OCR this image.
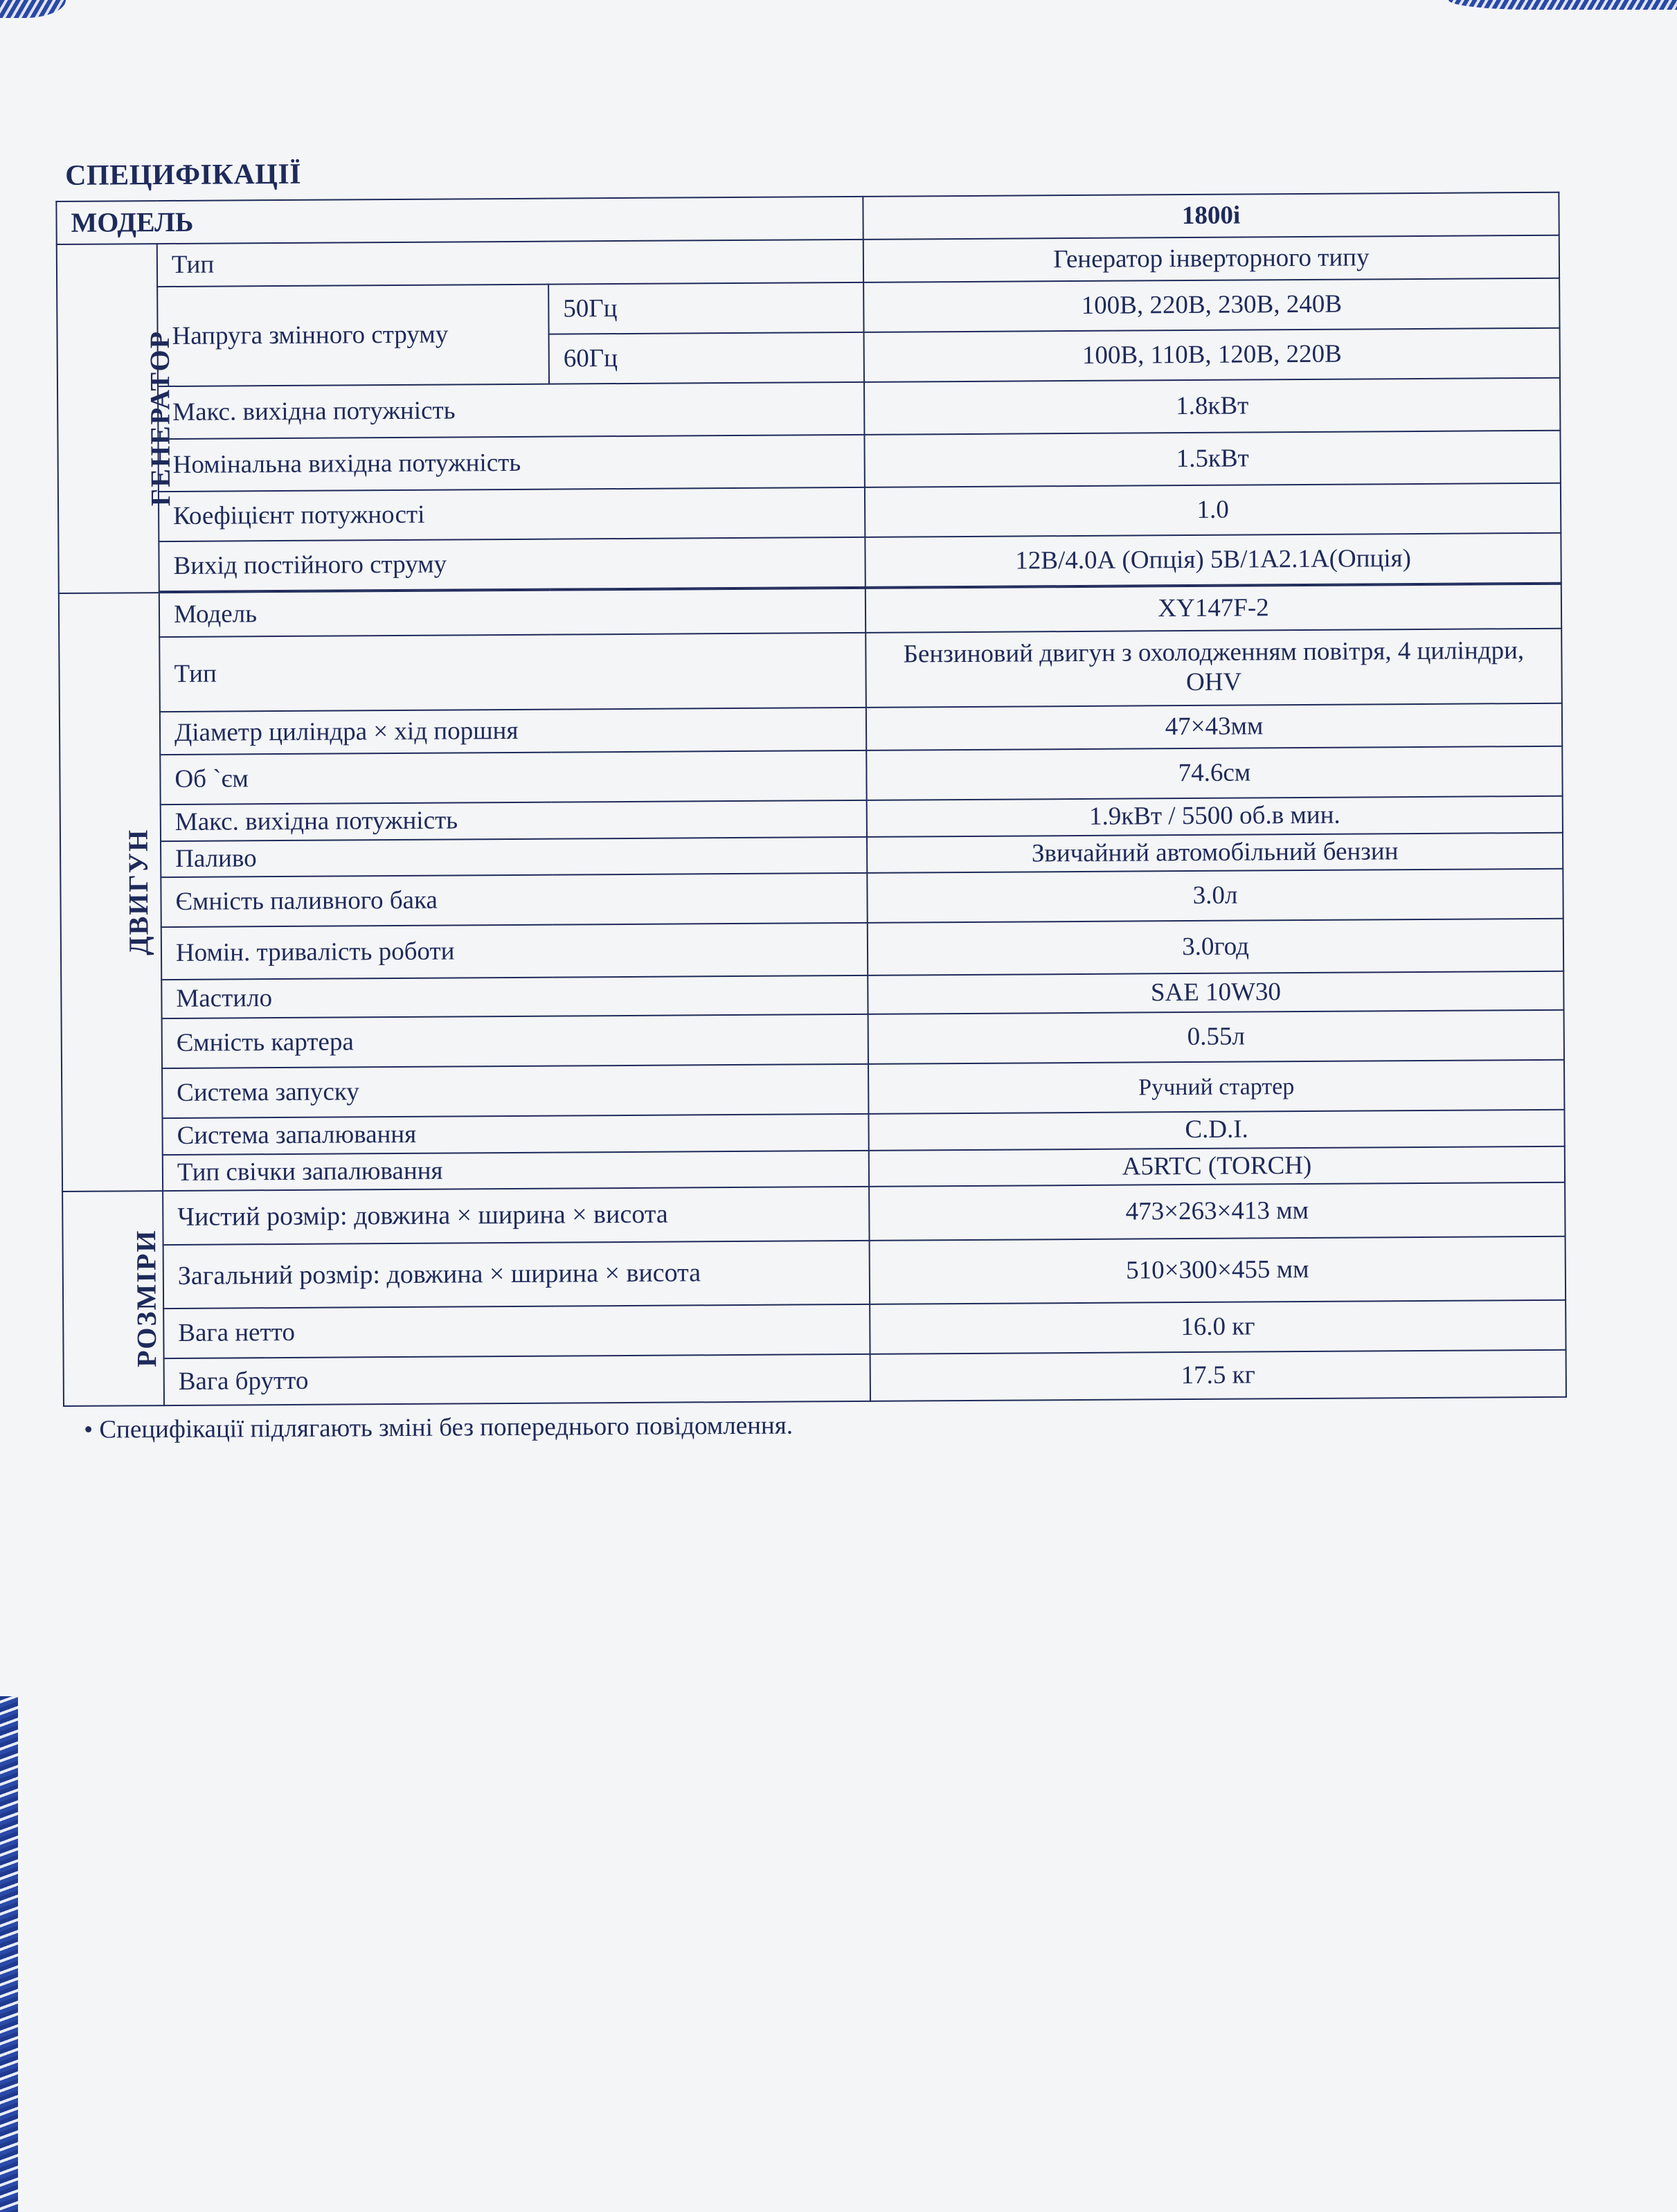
СПЕЦИФІКАЦІЇ
МОДЕЛЬ			1800i
ГЕНЕРАТОР	Тип		Генератор інверторного типу
	Напруга змінного струму	50Гц	100В, 220В, 230В, 240В
		60Гц	100В, 110В, 120В, 220В
	Макс. вихідна потужність		1.8кВт
	Номінальна вихідна потужність		1.5кВт
	Коефіцієнт потужності		1.0
	Вихід постійного струму		12В/4.0А (Опція) 5В/1А2.1А(Опція)

ДВИГУН	Модель		XY147F-2
	Тип		Бензиновий двигун з охолодженням повітря, 4 циліндри, OHV
	Діаметр циліндра × хід поршня		47×43мм
	Об `єм		74.6см
	Макс. вихідна потужність		1.9кВт / 5500 об.в мин.
	Паливо		Звичайний автомобільний бензин
	Ємність паливного бака		3.0л
	Номін. тривалість роботи		3.0год
	Мастило		SAE 10W30
	Ємність картера		0.55л
	Система запуску		Ручний стартер
	Система запалювання		C.D.I.
	Тип свічки запалювання		A5RTC (TORCH)
РОЗМІРИ	Чистий розмір: довжина × ширина × висота		473×263×413 мм
	Загальний розмір: довжина × ширина × висота		510×300×455 мм
	Вага нетто		16.0 кг
	Вага брутто		17.5 кг
• Специфікації підлягають зміні без попереднього повідомлення.
